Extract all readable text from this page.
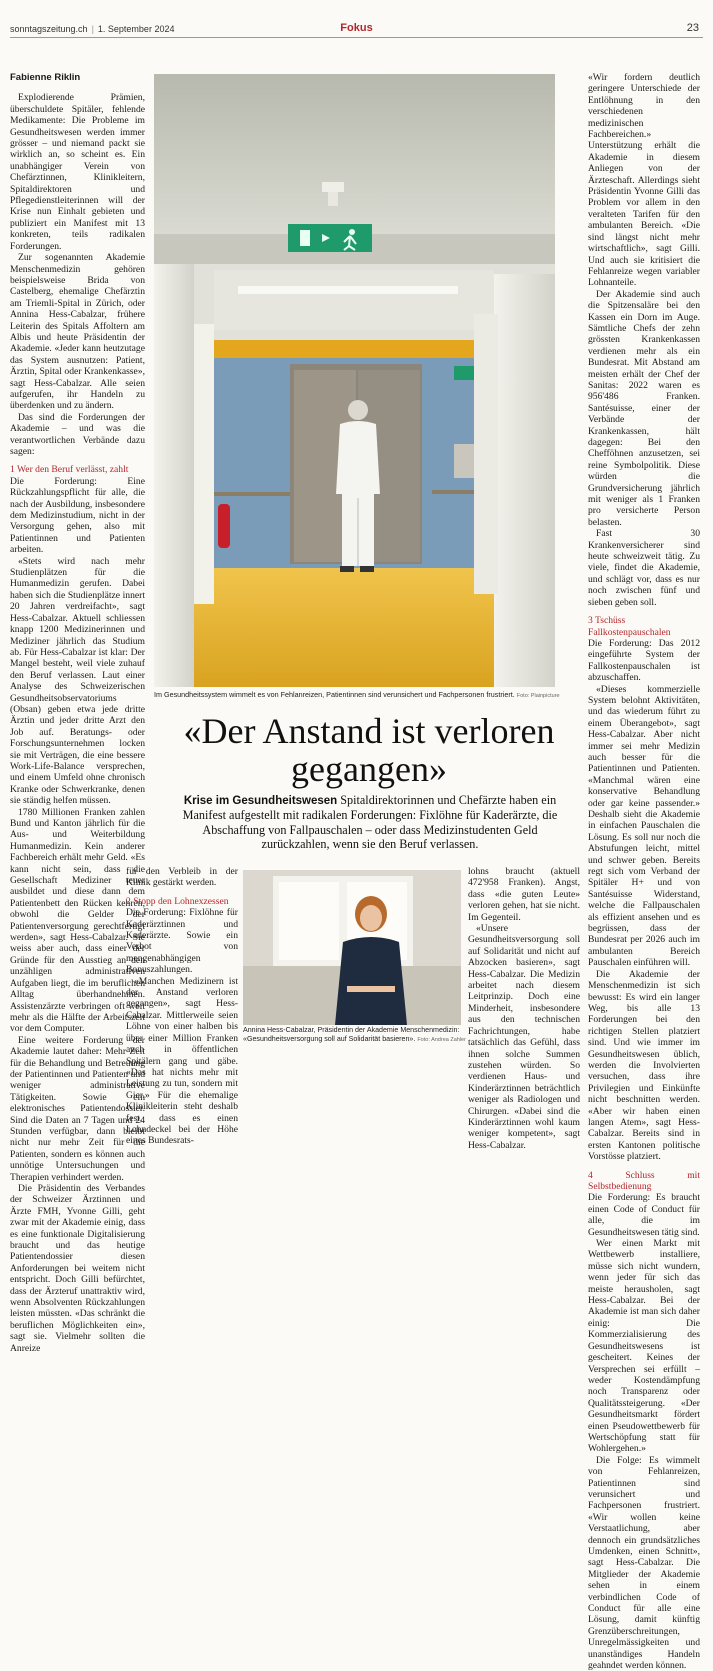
sonntagszeitung.ch | 1. September 2024	Fokus	23

Fabienne Riklin

Explodierende Prämien, überschuldete Spitäler, fehlende Medikamente: Die Probleme im Gesundheitswesen werden immer grösser – und niemand packt sie wirklich an, so scheint es. Ein unabhängiger Verein von Chefärztinnen, Klinikleitern, Spitaldirektoren und Pflegedienstleiterinnen will der Krise nun Einhalt gebieten und publiziert ein Manifest mit 13 konkreten, teils radikalen Forderungen.

Zur sogenannten Akademie Menschenmedizin gehören beispielsweise Brida von Castelberg, ehemalige Chefärztin am Triemli-Spital in Zürich, oder Annina Hess-Cabalzar, frühere Leiterin des Spitals Affoltern am Albis und heute Präsidentin der Akademie. «Jeder kann heutzutage das System ausnutzen: Patient, Ärztin, Spital oder Krankenkasse», sagt Hess-Cabalzar. Alle seien aufgerufen, ihr Handeln zu überdenken und zu ändern.

Das sind die Forderungen der Akademie – und was die verantwortlichen Verbände dazu sagen:

1 Wer den Beruf verlässt, zahlt

Die Forderung: Eine Rückzahlungspflicht für alle, die nach der Ausbildung, insbesondere dem Medizinstudium, nicht in der Versorgung gehen, also mit Patientinnen und Patienten arbeiten.

«Stets wird nach mehr Studienplätzen für die Humanmedizin gerufen. Dabei haben sich die Studienplätze innert 20 Jahren verdreifacht», sagt Hess-Cabalzar. Aktuell schliessen knapp 1200 Medizinerinnen und Mediziner jährlich das Studium ab. Für Hess-Cabalzar ist klar: Der Mangel besteht, weil viele zuhauf den Beruf verlassen. Laut einer Analyse des Schweizerischen Gesundheitsobservatoriums (Obsan) geben etwa jede dritte Ärztin und jeder dritte Arzt den Job auf. Beratungs- oder Forschungsunternehmen locken sie mit Verträgen, die eine bessere Work-Life-Balance versprechen, und einem Umfeld ohne chronisch Kranke oder Schwerkranke, denen sie ständig helfen müssen.

1780 Millionen Franken zahlen Bund und Kanton jährlich für die Aus- und Weiterbildung Humanmedizin. Kein anderer Fachbereich erhält mehr Geld. «Es kann nicht sein, dass die Gesellschaft Mediziner teuer ausbildet und diese dann dem Patientenbett den Rücken kehren, obwohl die Gelder der Patientenversorgung gerechtfertigt werden», sagt Hess-Cabalzar. Sie weiss aber auch, dass einer der Gründe für den Ausstieg an den unzähligen administrativen Aufgaben liegt, die im beruflichen Alltag überhandnehmen. Assistenzärzte verbringen oft weit mehr als die Hälfte der Arbeitszeit vor dem Computer.

Eine weitere Forderung der Akademie lautet daher: Mehr Zeit für die Behandlung und Betreuung der Patientinnen und Patienten und weniger administrative Tätigkeiten. Sowie ein elektronisches Patientendossier. Sind die Daten an 7 Tagen und 24 Stunden verfügbar, dann bleibt nicht nur mehr Zeit für die Patienten, sondern es können auch unnötige Untersuchungen und Therapien verhindert werden.

Die Präsidentin des Verbandes der Schweizer Ärztinnen und Ärzte FMH, Yvonne Gilli, geht zwar mit der Akademie einig, dass es eine funktionale Digitalisierung braucht und das heutige Patientendossier diesen Anforderungen bei weitem nicht entspricht. Doch Gilli befürchtet, dass der Ärzteruf unattraktiv wird, wenn Absolventen Rückzahlungen leisten müssten. «Das schränkt die beruflichen Möglichkeiten ein», sagt sie. Vielmehr sollten die Anreize

Im Gesundheitssystem wimmelt es von Fehlanreizen, Patientinnen sind verunsichert und Fachpersonen frustriert. Foto: Plainpicture
«Der Anstand ist verloren
gegangen»
Krise im Gesundheitswesen Spitaldirektorinnen und Chefärzte haben ein Manifest aufgestellt mit radikalen Forderungen: Fixlöhne für Kaderärzte, die Abschaffung von Fallpauschalen – oder dass Medizinstudenten Geld zurückzahlen, wenn sie den Beruf verlassen.

für den Verbleib in der Klinik gestärkt werden.

2 Stopp den Lohnexzessen

Die Forderung: Fixlöhne für Kaderärztinnen und Kaderärzte. Sowie ein Verbot von mengenabhängigen Bonuszahlungen.

«Manchen Medizinern ist der Anstand verloren gegangen», sagt Hess-Cabalzar. Mittlerweile seien Löhne von einer halben bis über einer Million Franken auch in öffentlichen Spitälern gang und gäbe. «Das hat nichts mehr mit Leistung zu tun, sondern mit Gier.» Für die ehemalige Klinikleiterin steht deshalb fest, dass es einen Lohndeckel bei der Höhe eines Bundesrats-

Annina Hess-Cabalzar, Präsidentin der Akademie Menschenmedizin: «Gesundheitsversorgung soll auf Solidarität basieren». Foto: Andrea Zahler

lohns braucht (aktuell 472'958 Franken). Angst, dass «die guten Leute» verloren gehen, hat sie nicht. Im Gegenteil.

«Unsere Gesundheitsversorgung soll auf Solidarität und nicht auf Abzocken basieren», sagt Hess-Cabalzar. Die Medizin arbeitet nach diesem Leitprinzip. Doch eine Minderheit, insbesondere aus den technischen Fachrichtungen, habe tatsächlich das Gefühl, dass ihnen solche Summen zustehen würden. So verdienen Haus- und Kinderärztinnen beträchtlich weniger als Radiologen und Chirurgen. «Dabei sind die Kinderärztinnen wohl kaum weniger kompetent», sagt Hess-Cabalzar.

«Wir fordern deutlich geringere Unterschiede der Entlöhnung in den verschiedenen medizinischen Fachbereichen.» Unterstützung erhält die Akademie in diesem Anliegen von der Ärzteschaft. Allerdings sieht Präsidentin Yvonne Gilli das Problem vor allem in den veralteten Tarifen für den ambulanten Bereich. «Die sind längst nicht mehr wirtschaftlich», sagt Gilli. Und auch sie kritisiert die Fehlanreize wegen variabler Lohnanteile.

Der Akademie sind auch die Spitzensaläre bei den Kassen ein Dorn im Auge. Sämtliche Chefs der zehn grössten Krankenkassen verdienen mehr als ein Bundesrat. Mit Abstand am meisten erhält der Chef der Sanitas: 2022 waren es 956'486 Franken. Santésuisse, einer der Verbände der Krankenkassen, hält dagegen: Bei den Chefföhnen anzusetzen, sei reine Symbolpolitik. Diese würden die Grundversicherung jährlich mit weniger als 1 Franken pro versicherte Person belasten.

Fast 30 Krankenversicherer sind heute schweizweit tätig. Zu viele, findet die Akademie, und schlägt vor, dass es nur noch zwischen fünf und sieben geben soll.

3 Tschüss
Fallkostenpauschalen

Die Forderung: Das 2012 eingeführte System der Fallkostenpauschalen ist abzuschaffen.

«Dieses kommerzielle System belohnt Aktivitäten, und das wiederum führt zu einem Überangebot», sagt Hess-Cabalzar. Aber nicht immer sei mehr Medizin auch besser für die Patientinnen und Patienten. «Manchmal wären eine konservative Behandlung oder gar keine passender.» Deshalb sieht die Akademie in einfachen Pauschalen die Lösung. Es soll nur noch die Abstufungen leicht, mittel und schwer geben. Bereits regt sich vom Verband der Spitäler H+ und von Santésuisse Widerstand, welche die Fallpauschalen als effizient ansehen und es begrüssen, dass der Bundesrat per 2026 auch im ambulanten Bereich Pauschalen einführen will.

Die Akademie der Menschenmedizin ist sich bewusst: Es wird ein langer Weg, bis alle 13 Forderungen bei den richtigen Stellen platziert sind. Und wie immer im Gesundheitswesen üblich, werden die Involvierten versuchen, dass ihre Privilegien und Einkünfte nicht beschnitten werden. «Aber wir haben einen langen Atem», sagt Hess-Cabalzar. Bereits sind in ersten Kantonen politische Vorstösse platziert.

4 Schluss mit Selbstbedienung

Die Forderung: Es braucht einen Code of Conduct für alle, die im Gesundheitswesen tätig sind.

Wer einen Markt mit Wettbewerb installiere, müsse sich nicht wundern, wenn jeder für sich das meiste herausholen, sagt Hess-Cabalzar. Bei der Akademie ist man sich daher einig: Die Kommerzialisierung des Gesundheitswesens ist gescheitert. Keines der Versprechen sei erfüllt – weder Kostendämpfung noch Transparenz oder Qualitätssteigerung. «Der Gesundheitsmarkt fördert einen Pseudowettbewerb für Wertschöpfung statt für Wohlergehen.»

Die Folge: Es wimmelt von Fehlanreizen, Patientinnen sind verunsichert und Fachpersonen frustriert. «Wir wollen keine Verstaatlichung, aber dennoch ein grundsätzliches Umdenken, einen Schnitt», sagt Hess-Cabalzar. Die Mitglieder der Akademie sehen in einem verbindlichen Code of Conduct für alle eine Lösung, damit künftig Grenzüberschreitungen, Unregelmässigkeiten und unanständiges Handeln geahndet werden können.
